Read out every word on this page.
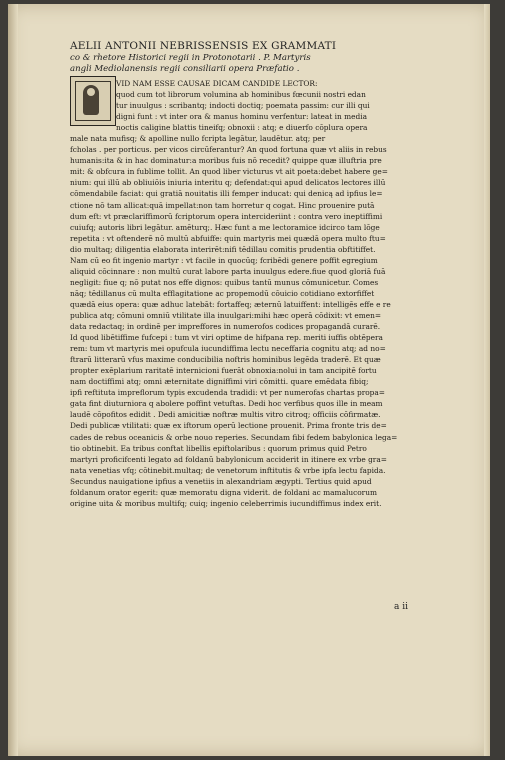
AELII ANTONII NEBRISSENSIS EX GRAMMATI
co & rhetore Historici regii in Protonotarii . P. Martyris
angli Mediolanensis regii consiliarii opera Præfatio .
VID NAM ESSE CAUSAE DICAM CANDIDE LECTOR:
quod cum tot librorum volumina ab hominibus fœcunii nostri edan
tur inuulgus : scribantq; indocti doctiq; poemata passim: cur illi qui
digni funt : vt inter ora & manus hominu verfentur: lateat in media
noctis caligine blattis tineifq; obnoxii : atq; e diuerfo cōplura opera
male nata mufisq; & apolline nullo fcripta legātur, laudētur. atq; per
fcholas . per porticus. per vicos circūferantur? An quod fortuna quæ vt aliis in rebus
humanis:ita & in hac dominatur:a moribus fuis nō recedit? quippe quæ illuftria pre
mit: & obfcura in fublime tollit. An quod liber victurus vt ait poeta:debet habere ge=
nium: qui illū ab obliuiōis iniuria interitu q; defendat:qui apud delicatos lectores illū
cōmendabile faciat: qui gratiā nouitatis illi femper inducat: qui denicą ad ipfius le=
ctione nō tam allicat:quā impellat:non tam horretur q cogat. Hinc prouenire putā
dum eft: vt præclariffimorū fcriptorum opera intercideriint : contra vero ineptiffimi
cuiufq; autoris libri legātur. amēturq;. Hæc funt a me lectoramice idcirco tam lōge
repetita : vt oftenderē nō multū abfuiffe: quin martyris mei quædā opera multo ftu=
dio multaq; diligentia elaborata interirēt:nifi tēdillau comitis prudentia obftitiffet.
Nam cū eo fit ingenio martyr : vt facile in quocūq; fcribēdi genere poffit egregium
aliquid cōcinnare : non multū curat labore parta inuulgus edere.fiue quod gloriā fuā
negligit: fiue q; nō putat nos effe dignos: quibus tantū munus cōmunicetur. Comes
nāq; tēdillanus cū multa efflagitatione ac propemodū cōuicio cotidiano extorfiffet
quædā eius opera: quæ adhuc latebāt: fortaffeq; æternū latuiffent: intelligēs effe e re
publica atq; cōmuni omniū vtilitate illa inuulgari:mihi hæc operā cōdixit: vt emen=
data redactaq; in ordinē per impreffores in numerofos codices propagandā curarē.
Id quod libētiffime fufcepi : tum vt viri optime de hifpana rep. meriti iuffis obtēpera
rem: tum vt martyris mei opufcula iucundiffima lectu neceffaria cognitu atq; ad no=
ftrarū litterarū vfus maxime conducibilia noftris hominibus legēda traderē. Et quæ
propter exēplarium raritatē internicioni fuerāt obnoxia:nolui in tam ancipitē fortu
nam doctiffimi atq; omni æternitate digniffimi viri cōmitti. quare emēdata fibiq;
ipfi reftituta impreflorum typis excudenda tradidi: vt per numerofas chartas propa=
gata fint diuturniora q abolere poffint vetuftas. Dedi hoc verfibus quos ille in meam
laudē cōpofitos edidit . Dedi amicitiæ noftræ multis vitro citroq; officiis cōfirmatæ.
Dedi publicæ vtilitati: quæ ex iftorum operū lectione prouenit. Prima fronte tris de=
cades de rebus oceanicis & orbe nouo reperies. Secundam fibi fedem babylonica lega=
tio obtinebit. Ea tribus conftat libellis epiftolaribus : quorum primus quid Petro
martyri proficifcenti legato ad foldanū babylonicum acciderit in itinere ex vrbe gra=
nata venetias vfq; cōtinebit.multaq; de venetorum inftitutis & vrbe ipfa lectu fapida.
Secundus nauigatione ipfius a venetiis in alexandriam ægypti. Tertius quid apud
foldanum orator egerit: quæ memoratu digna viderit. de foldani ac mamalucorum
origine uita & moribus multifq; cuiq; ingenio celeberrimis iucundiffimus index erit.
a ii
